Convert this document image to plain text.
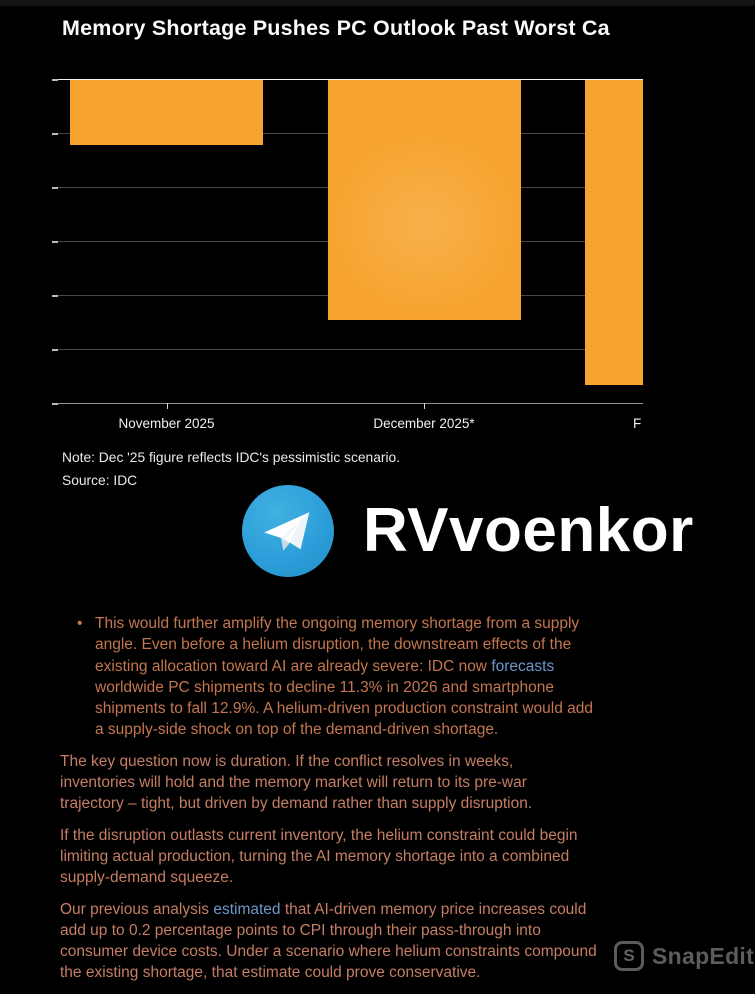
Memory Shortage Pushes PC Outlook Past Worst Ca
November 2025	December 2025*	F
Note: Dec '25 figure reflects IDC's pessimistic scenario.
Source: IDC
RVvoenkor
• This would further amplify the ongoing memory shortage from a supply
angle. Even before a helium disruption, the downstream effects of the
existing allocation toward AI are already severe: IDC now forecasts
worldwide PC shipments to decline 11.3% in 2026 and smartphone
shipments to fall 12.9%. A helium-driven production constraint would add
a supply-side shock on top of the demand-driven shortage.
The key question now is duration. If the conflict resolves in weeks,
inventories will hold and the memory market will return to its pre-war
trajectory – tight, but driven by demand rather than supply disruption.
If the disruption outlasts current inventory, the helium constraint could begin
limiting actual production, turning the AI memory shortage into a combined
supply-demand squeeze.
Our previous analysis estimated that AI-driven memory price increases could
add up to 0.2 percentage points to CPI through their pass-through into
consumer device costs. Under a scenario where helium constraints compound
the existing shortage, that estimate could prove conservative.
S SnapEdit
